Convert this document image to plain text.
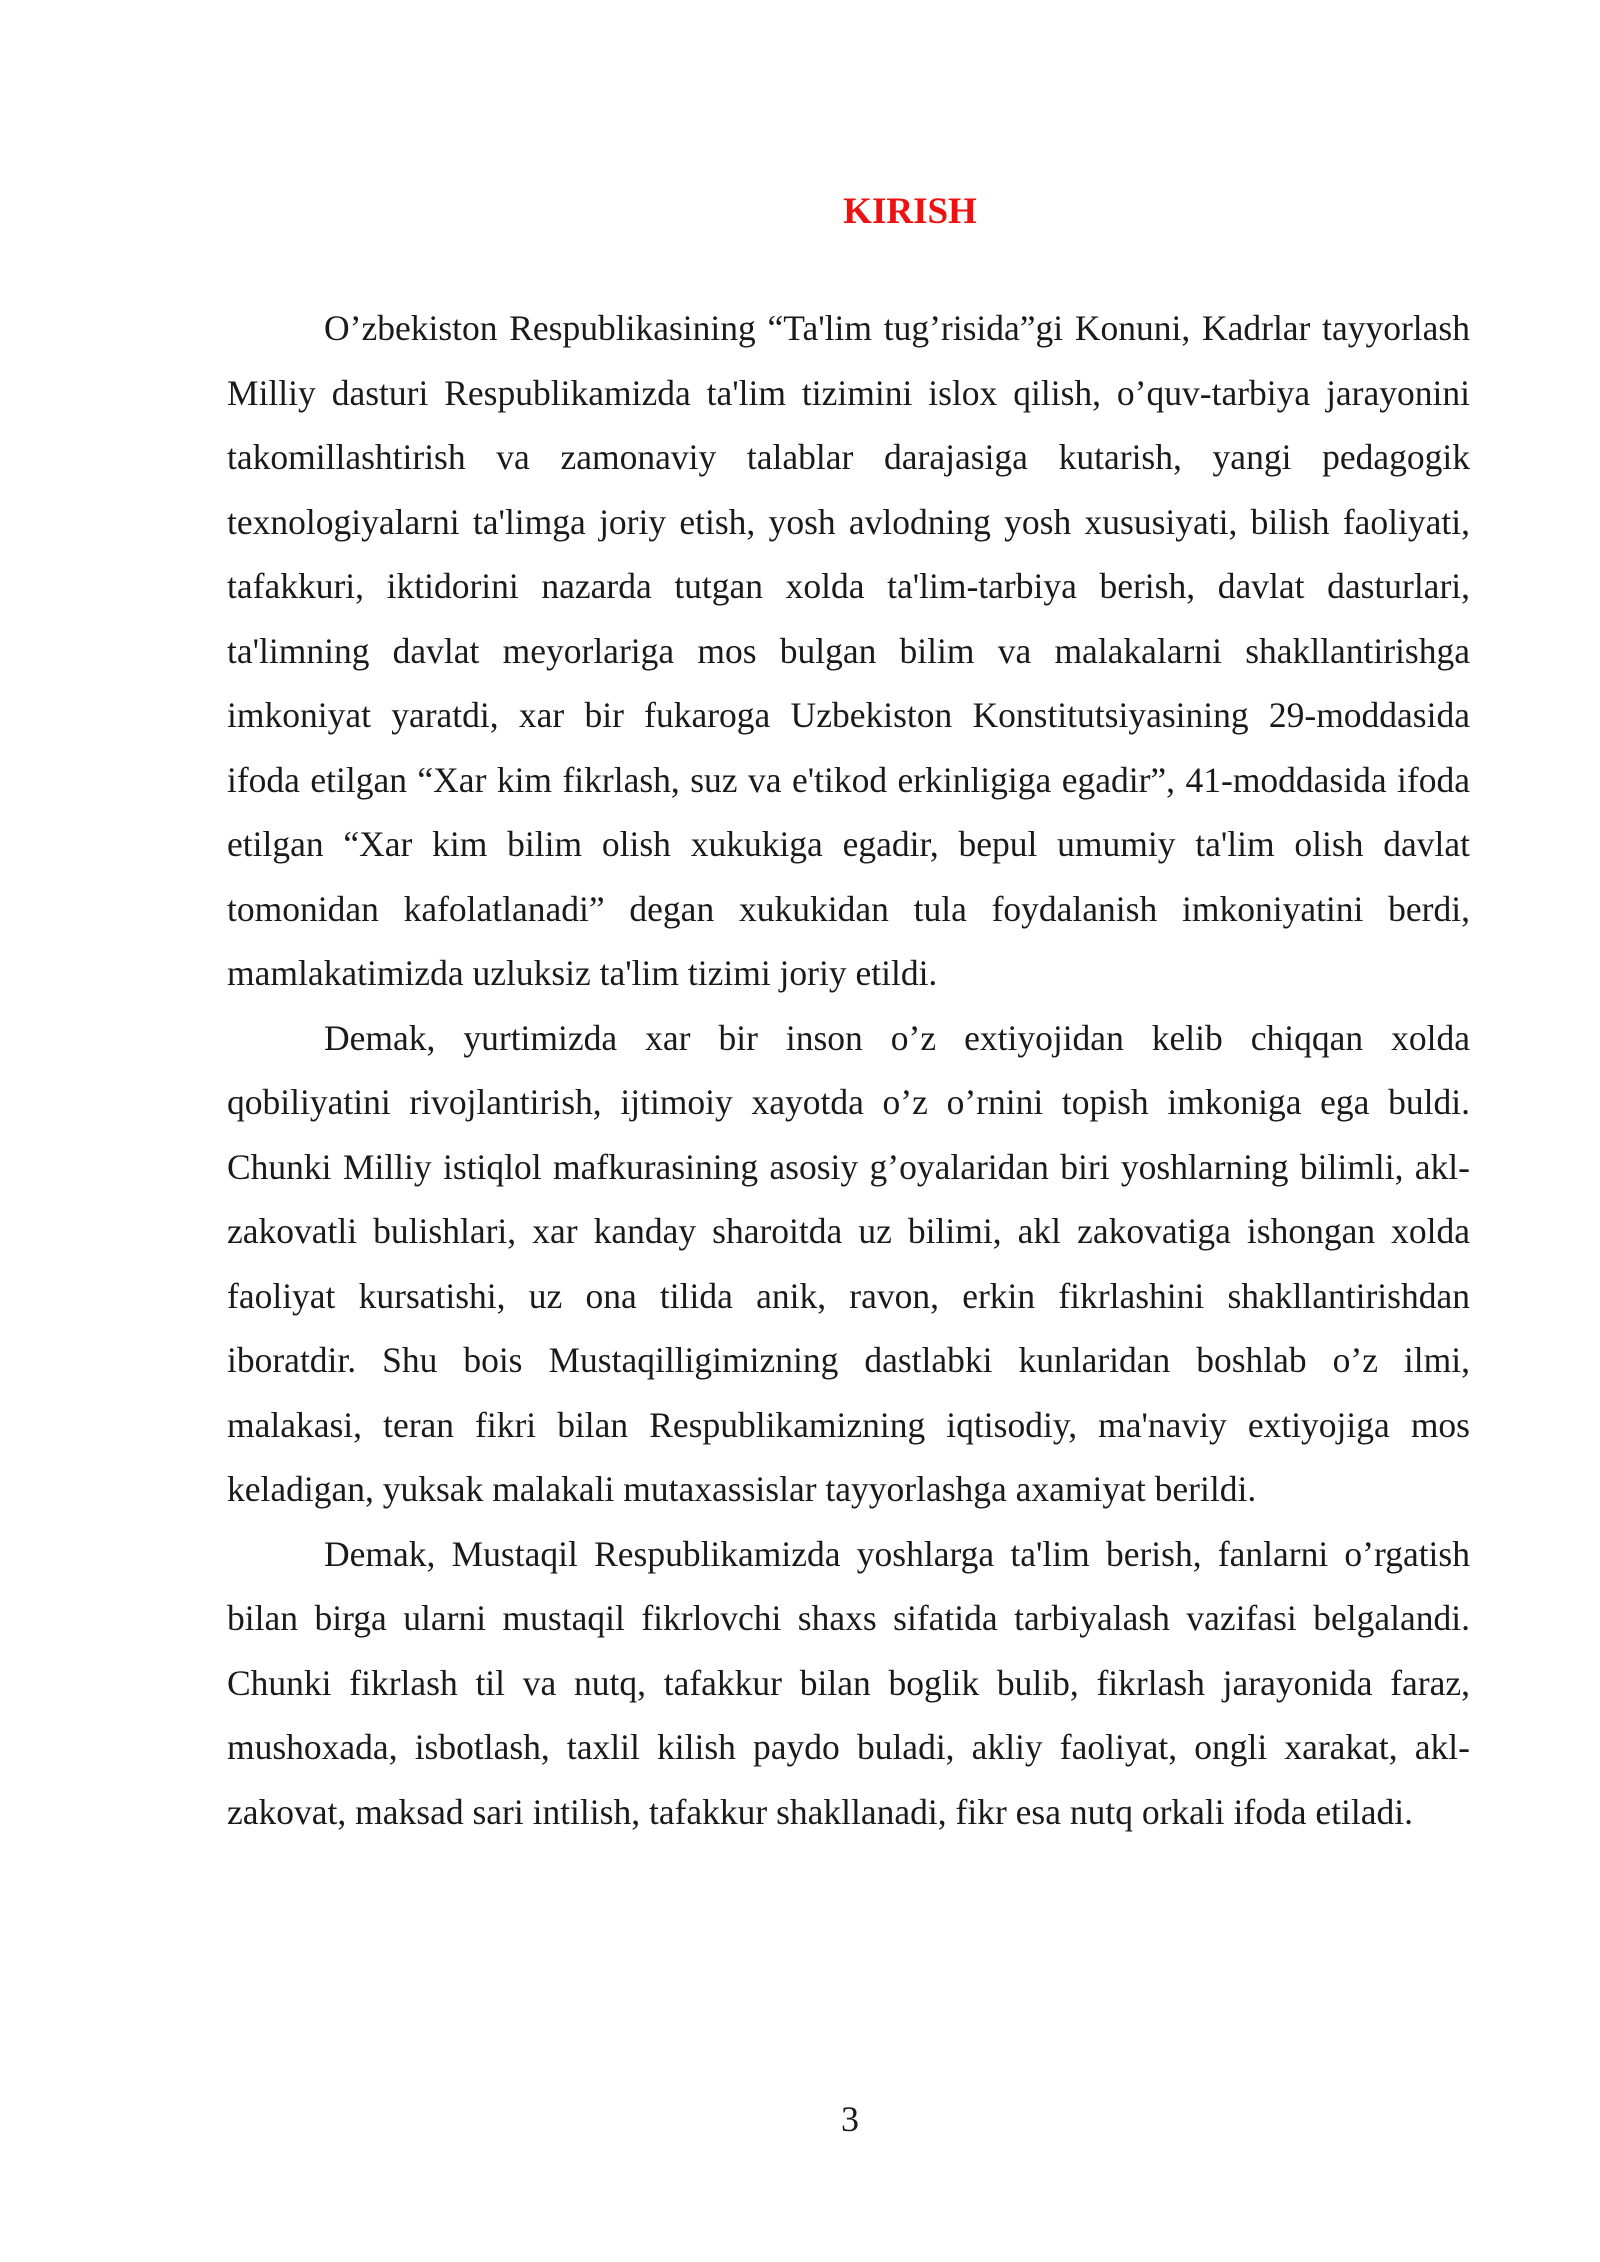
KIRISH

O’zbekiston Respublikasining “Ta'lim tug’risida”gi Konuni, Kadrlar tayyorlash Milliy dasturi Respublikamizda ta'lim tizimini islox qilish, o’quv-tarbiya jarayonini takomillashtirish va zamonaviy talablar darajasiga kutarish, yangi pedagogik texnologiyalarni ta'limga joriy etish, yosh avlodning yosh xususiyati, bilish faoliyati, tafakkuri, iktidorini nazarda tutgan xolda ta'lim-tarbiya berish, davlat dasturlari, ta'limning davlat meyorlariga mos bulgan bilim va malakalarni shakllantirishga imkoniyat yaratdi, xar bir fukaroga Uzbekiston Konstitutsiyasining 29-moddasida ifoda etilgan “Xar kim fikrlash, suz va e'tikod erkinligiga egadir”, 41-moddasida ifoda etilgan “Xar kim bilim olish xukukiga egadir, bepul umumiy ta'lim olish davlat tomonidan kafolatlanadi” degan xukukidan tula foydalanish imkoniyatini berdi, mamlakatimizda uzluksiz ta'lim tizimi joriy etildi.

Demak, yurtimizda xar bir inson o’z extiyojidan kelib chiqqan xolda qobiliyatini rivojlantirish, ijtimoiy xayotda o’z o’rnini topish imkoniga ega buldi. Chunki Milliy istiqlol mafkurasining asosiy g’oyalaridan biri yoshlarning bilimli, akl-zakovatli bulishlari, xar kanday sharoitda uz bilimi, akl zakovatiga ishongan xolda faoliyat kursatishi, uz ona tilida anik, ravon, erkin fikrlashini shakllantirishdan iboratdir. Shu bois Mustaqilligimizning dastlabki kunlaridan boshlab o’z ilmi, malakasi, teran fikri bilan Respublikamizning iqtisodiy, ma'naviy extiyojiga mos keladigan, yuksak malakali mutaxassislar tayyorlashga axamiyat berildi.

Demak, Mustaqil Respublikamizda yoshlarga ta'lim berish, fanlarni o’rgatish bilan birga ularni mustaqil fikrlovchi shaxs sifatida tarbiyalash vazifasi belgalandi. Chunki fikrlash til va nutq, tafakkur bilan boglik bulib, fikrlash jarayonida faraz, mushoxada, isbotlash, taxlil kilish paydo buladi, akliy faoliyat, ongli xarakat, akl-zakovat, maksad sari intilish, tafakkur shakllanadi, fikr esa nutq orkali ifoda etiladi.

3
